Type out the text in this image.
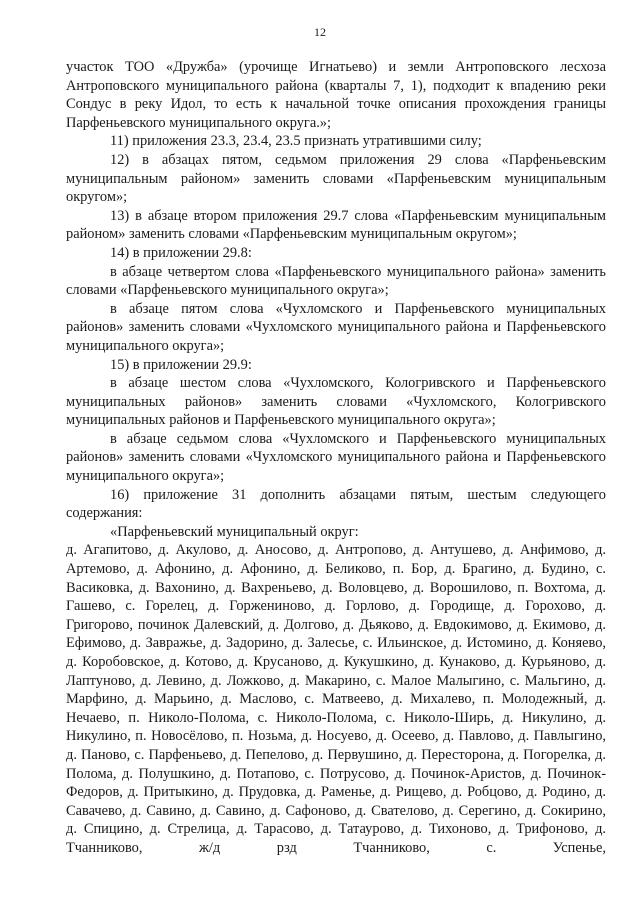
12

участок ТОО «Дружба» (урочище Игнатьево) и земли Антроповского лесхоза Антроповского муниципального района (кварталы 7, 1), подходит к впадению реки Сондус в реку Идол, то есть к начальной точке описания прохождения границы Парфеньевского муниципального округа.»;

11) приложения 23.3, 23.4, 23.5 признать утратившими силу;

12) в абзацах пятом, седьмом приложения 29 слова «Парфеньевским муниципальным районом» заменить словами «Парфеньевским муниципальным округом»;

13) в абзаце втором приложения 29.7 слова «Парфеньевским муниципальным районом» заменить словами «Парфеньевским муниципальным округом»;

14) в приложении 29.8:

в абзаце четвертом слова «Парфеньевского муниципального района» заменить словами «Парфеньевского муниципального округа»;

в абзаце пятом слова «Чухломского и Парфеньевского муниципальных районов» заменить словами «Чухломского муниципального района и Парфеньевского муниципального округа»;

15) в приложении 29.9:

в абзаце шестом слова «Чухломского, Кологривского и Парфеньевского муниципальных районов» заменить словами «Чухломского, Кологривского муниципальных районов и Парфеньевского муниципального округа»;

в абзаце седьмом слова «Чухломского и Парфеньевского муниципальных районов» заменить словами «Чухломского муниципального района и Парфеньевского муниципального округа»;

16) приложение 31 дополнить абзацами пятым, шестым следующего содержания:

«Парфеньевский муниципальный округ:

д. Агапитово, д. Акулово, д. Аносово, д. Антропово, д. Антушево, д. Анфимово, д. Артемово, д. Афонино, д. Афонино, д. Беликово, п. Бор, д. Брагино, д. Будино, с. Васиковка, д. Вахонино, д. Вахреньево, д. Воловцево, д. Ворошилово, п. Вохтома, д. Гашево, с. Горелец, д. Горженинoво, д. Горлово, д. Городище, д. Горохово, д. Григорово, починок Далевский, д. Долгово, д. Дьяково, д. Евдокимово, д. Екимово, д. Ефимово, д. Завражье, д. Задорино, д. Залесье, с. Ильинское, д. Истомино, д. Коняево, д. Коробовское, д. Котово, д. Крусаново, д. Кукушкино, д. Кунаково, д. Курьяново, д. Лаптуново, д. Левино, д. Ложково, д. Макарино, с. Малое Малыгино, с. Мальгино, д. Марфино, д. Марьино, д. Маслово, с. Матвеево, д. Михалево, п. Молодежный, д. Нечаево, п. Николо-Полома, с. Николо-Полома, с. Николо-Ширь, д. Никулино, д. Никулино, п. Новосёлово, п. Нозьма, д. Носуево, д. Осеево, д. Павлово, д. Павлыгино, д. Паново, с. Парфеньево, д. Пепелово, д. Первушино, д. Перестopона, д. Погорелка, д. Полома, д. Полушкино, д. Потапово, с. Потрусово, д. Починок-Аристов, д. Починок-Федоров, д. Притыкино, д. Прудовка, д. Раменье, д. Рищево, д. Робцово, д. Родино, д. Савачево, д. Савино, д. Савино, д. Сафоново, д. Свателово, д. Серегино, д. Сокирино, д. Спицино, д. Стрелица, д. Тарасово, д. Татаурово, д. Тихоново, д. Трифоново, д. Тчанниково, ж/д рзд Тчанниково, с. Успенье,
